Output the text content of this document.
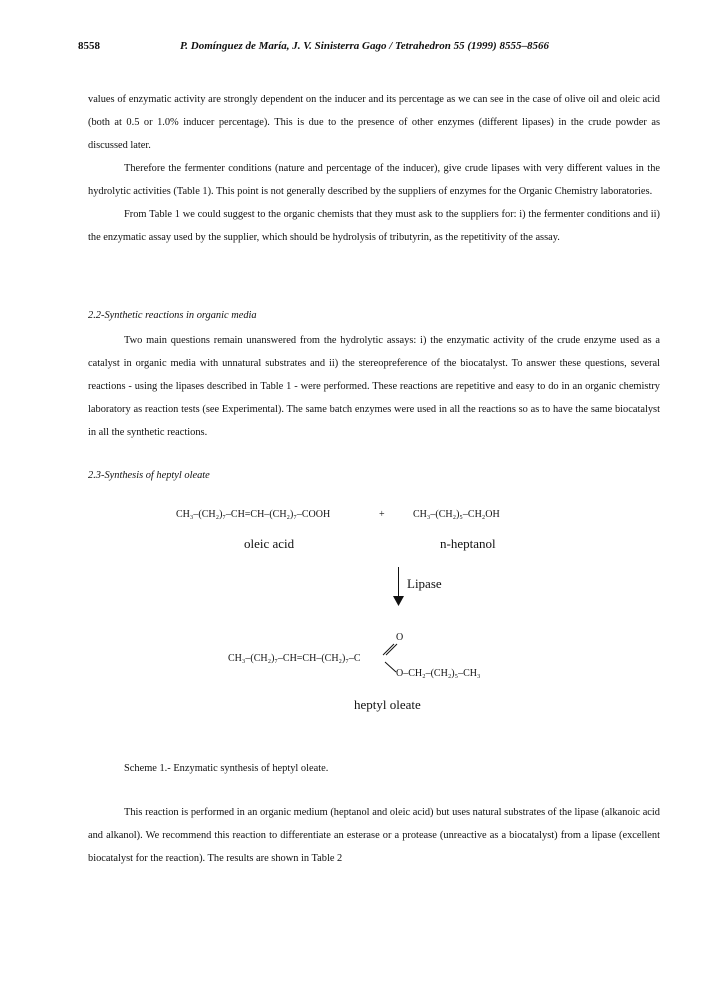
8558	P. Domínguez de María, J. V. Sinisterra Gago / Tetrahedron 55 (1999) 8555–8566

values of enzymatic activity are strongly dependent on the inducer and its percentage as we can see in the case of olive oil and oleic acid (both at 0.5 or 1.0% inducer percentage). This is due to the presence of other enzymes (different lipases) in the crude powder as discussed later.

Therefore the fermenter conditions (nature and percentage of the inducer), give crude lipases with very different values in the hydrolytic activities (Table 1). This point is not generally described by the suppliers of enzymes for the Organic Chemistry laboratories.

From Table 1 we could suggest to the organic chemists that they must ask to the suppliers for: i) the fermenter conditions and ii) the enzymatic assay used by the supplier, which should be hydrolysis of tributyrin, as the repetitivity of the assay.

2.2-Synthetic reactions in organic media

Two main questions remain unanswered from the hydrolytic assays: i) the enzymatic activity of the crude enzyme used as a catalyst in organic media with unnatural substrates and ii) the stereopreference of the biocatalyst. To answer these questions, several reactions - using the lipases described in Table 1 - were performed. These reactions are repetitive and easy to do in an organic chemistry laboratory as reaction tests (see Experimental). The same batch enzymes were used in all the reactions so as to have the same biocatalyst in all the synthetic reactions.

2.3-Synthesis of heptyl oleate
CH₃–(CH₂)₇–CH=CH–(CH₂)₇–COOH	+	CH₃–(CH₂)₅–CH₂OH
oleic acid	n-heptanol
Lipase
CH₃–(CH₂)₇–CH=CH–(CH₂)₇–C
O
O–CH₂–(CH₂)₅–CH₃
heptyl oleate
Scheme 1.- Enzymatic synthesis of heptyl oleate.

This reaction is performed in an organic medium (heptanol and oleic acid) but uses natural substrates of the lipase (alkanoic acid and alkanol). We recommend this reaction to differentiate an esterase or a protease (unreactive as a biocatalyst) from a lipase (excellent biocatalyst for the reaction). The results are shown in Table 2
